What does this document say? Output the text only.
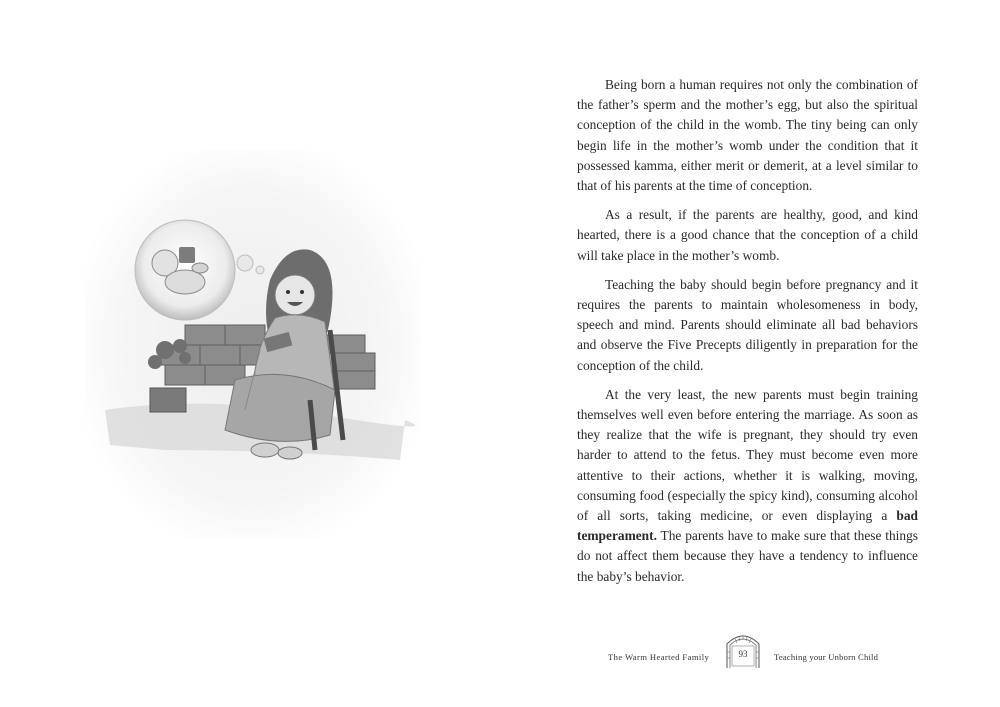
Being born a human requires not only the combination of the father’s sperm and the mother’s egg, but also the spiritual conception of the child in the womb. The tiny being can only begin life in the mother’s womb under the condition that it possessed kamma, either merit or demerit, at a level similar to that of his parents at the time of conception.

As a result, if the parents are healthy, good, and kind hearted, there is a good chance that the conception of a child will take place in the mother’s womb.

Teaching the baby should begin before pregnancy and it requires the parents to maintain wholesomeness in body, speech and mind. Parents should eliminate all bad behaviors and observe the Five Precepts diligently in preparation for the conception of the child.

At the very least, the new parents must begin training themselves well even before entering the marriage. As soon as they realize that the wife is pregnant, they should try even harder to attend to the fetus. They must become even more attentive to their actions, whether it is walking, moving, consuming food (especially the spicy kind), consuming alcohol of all sorts, taking medicine, or even displaying a bad temperament. The parents have to make sure that these things do not affect them because they have a tendency to influence the baby’s behavior.

The Warm Hearted Family	93	Teaching your Unborn Child
